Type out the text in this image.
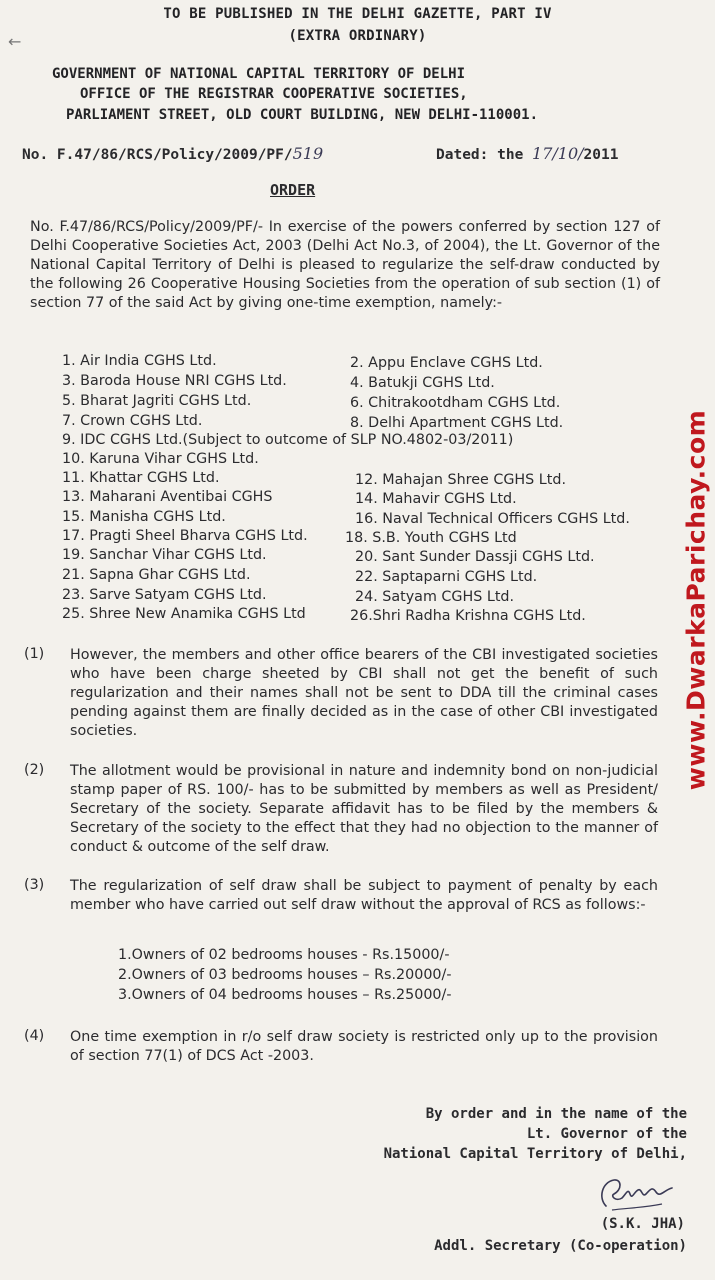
←
TO BE PUBLISHED IN THE DELHI GAZETTE, PART IV
(EXTRA ORDINARY)
GOVERNMENT OF NATIONAL CAPITAL TERRITORY OF DELHI
OFFICE OF THE REGISTRAR COOPERATIVE SOCIETIES,
PARLIAMENT STREET, OLD COURT BUILDING, NEW DELHI-110001.
No. F.47/86/RCS/Policy/2009/PF/519	Dated: the 17/10/2011
ORDER
No. F.47/86/RCS/Policy/2009/PF/- In exercise of the powers conferred by section 127 of Delhi Cooperative Societies Act, 2003 (Delhi Act No.3, of 2004), the Lt. Governor of the National Capital Territory of Delhi is pleased to regularize the self-draw conducted by the following 26 Cooperative Housing Societies from the operation of sub section (1) of section 77 of the said Act by giving one-time exemption, namely:-
1. Air India CGHS Ltd.	2. Appu Enclave CGHS Ltd.
3. Baroda House NRI CGHS Ltd.	4. Batukji CGHS Ltd.
5. Bharat Jagriti CGHS Ltd.	6. Chitrakootdham CGHS Ltd.
7. Crown CGHS Ltd.	8. Delhi Apartment CGHS Ltd.
9. IDC CGHS Ltd.(Subject to outcome of SLP NO.4802-03/2011)
10. Karuna Vihar CGHS Ltd.
11. Khattar CGHS Ltd.	12. Mahajan Shree CGHS Ltd.
13. Maharani Aventibai CGHS	14. Mahavir CGHS Ltd.
15. Manisha CGHS Ltd.	16. Naval Technical Officers CGHS Ltd.
17. Pragti Sheel Bharva CGHS Ltd.	18. S.B. Youth CGHS Ltd
19. Sanchar Vihar CGHS Ltd.	20. Sant Sunder Dassji CGHS Ltd.
21. Sapna Ghar CGHS Ltd.	22. Saptaparni CGHS Ltd.
23. Sarve Satyam CGHS Ltd.	24. Satyam CGHS Ltd.
25. Shree New Anamika CGHS Ltd	26.Shri Radha Krishna CGHS Ltd.
(1) However, the members and other office bearers of the CBI investigated societies who have been charge sheeted by CBI shall not get the benefit of such regularization and their names shall not be sent to DDA till the criminal cases pending against them are finally decided as in the case of other CBI investigated societies.
(2) The allotment would be provisional in nature and indemnity bond on non-judicial stamp paper of RS. 100/- has to be submitted by members as well as President/ Secretary of the society. Separate affidavit has to be filed by the members & Secretary of the society to the effect that they had no objection to the manner of conduct & outcome of the self draw.
(3) The regularization of self draw shall be subject to payment of penalty by each member who have carried out self draw without the approval of RCS as follows:-
1.Owners of 02 bedrooms houses - Rs.15000/-
2.Owners of 03 bedrooms houses – Rs.20000/-
3.Owners of 04 bedrooms houses – Rs.25000/-
(4) One time exemption in r/o self draw society is restricted only up to the provision of section 77(1) of DCS Act -2003.
By order and in the name of the
Lt. Governor of the
National Capital Territory of Delhi,
(S.K. JHA)
Addl. Secretary (Co-operation)
www.DwarkaParichay.com
